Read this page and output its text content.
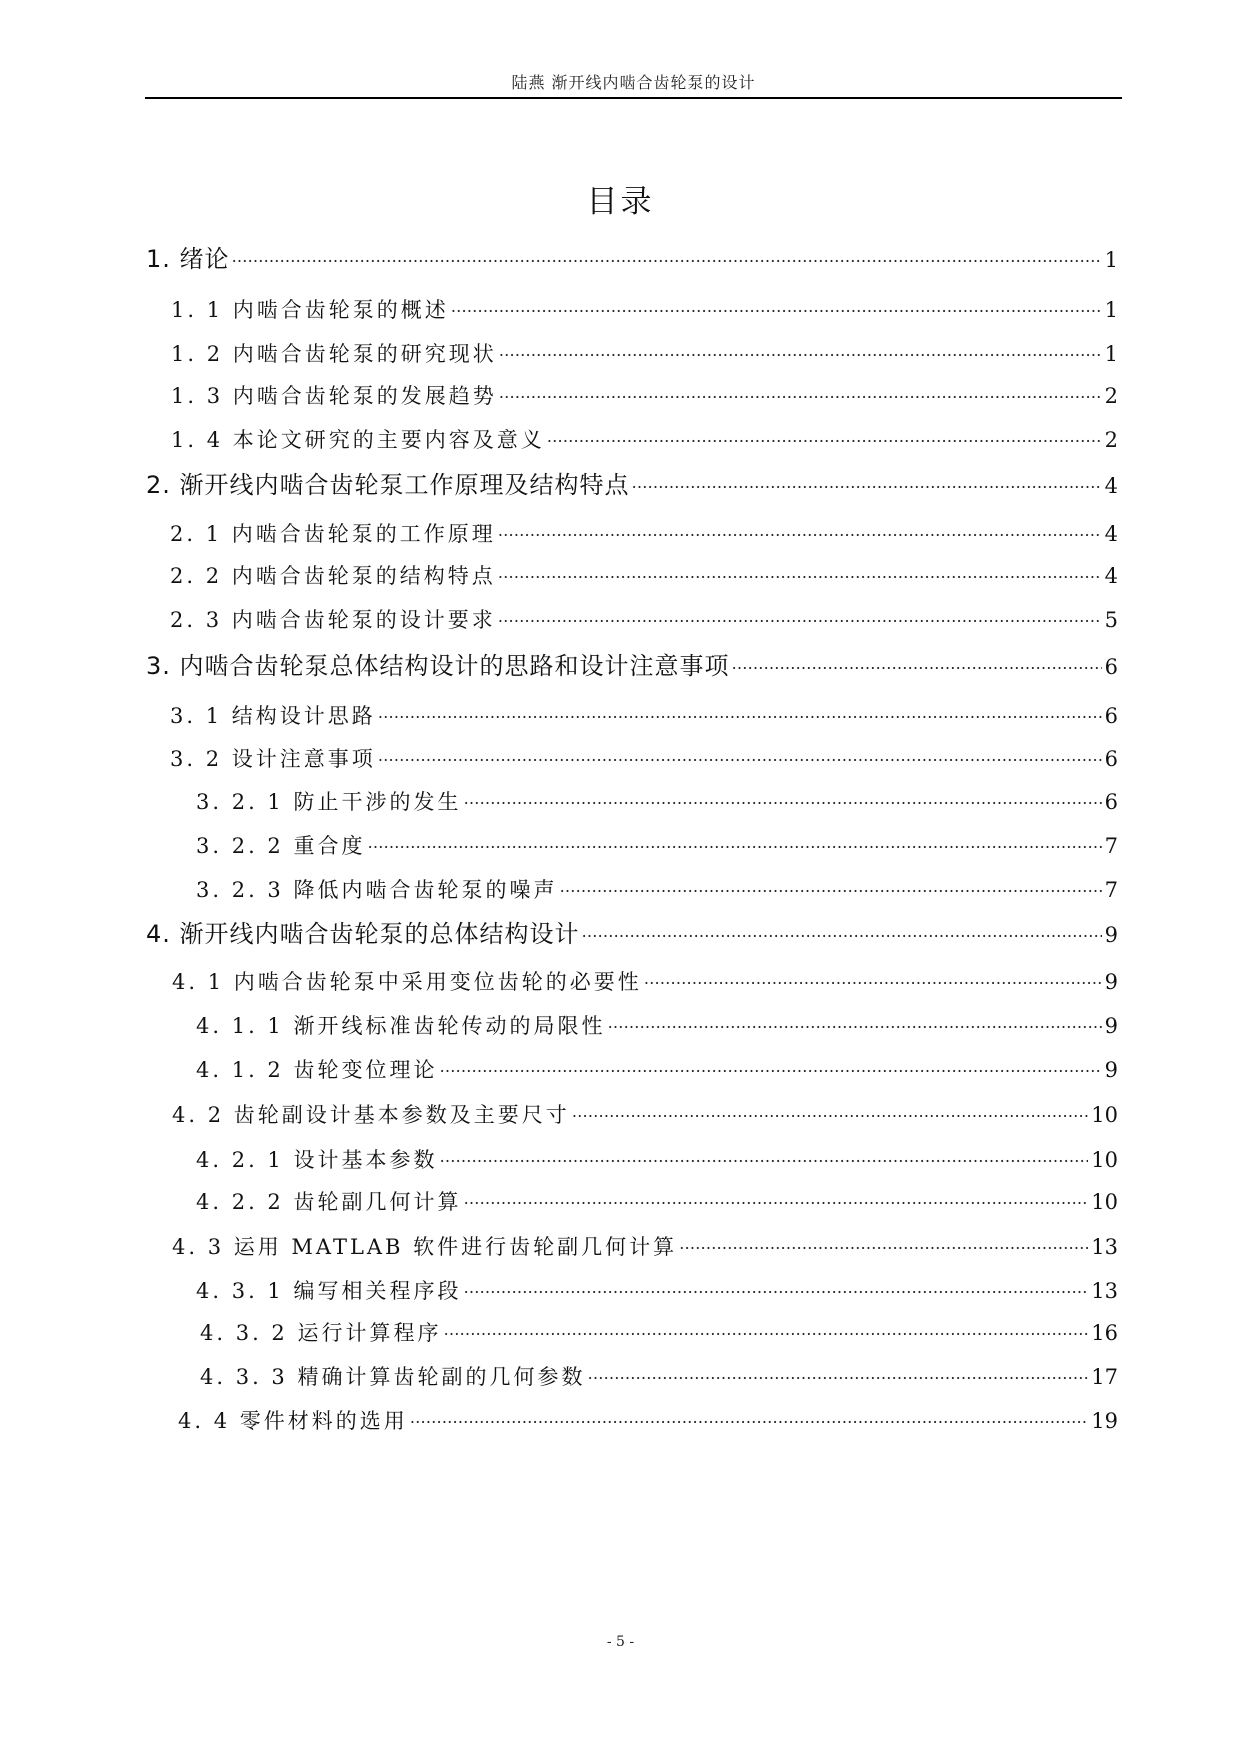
陆燕 渐开线内啮合齿轮泵的设计
目录
1. 绪论 ……………………………………………………………………………………………………………………………………………………………………………………………………………………………………………………………………	1
1. 1 内啮合齿轮泵的概述 ……………………………………………………………………………………………………………………………………………………………………………………………………………………………………………………………………	1
1. 2 内啮合齿轮泵的研究现状 ……………………………………………………………………………………………………………………………………………………………………………………………………………………………………………………………………	1
1. 3 内啮合齿轮泵的发展趋势 ……………………………………………………………………………………………………………………………………………………………………………………………………………………………………………………………………	2
1. 4 本论文研究的主要内容及意义 ……………………………………………………………………………………………………………………………………………………………………………………………………………………………………………………………………	2
2. 渐开线内啮合齿轮泵工作原理及结构特点 ……………………………………………………………………………………………………………………………………………………………………………………………………………………………………………………………………	4
2. 1 内啮合齿轮泵的工作原理 ……………………………………………………………………………………………………………………………………………………………………………………………………………………………………………………………………	4
2. 2 内啮合齿轮泵的结构特点 ……………………………………………………………………………………………………………………………………………………………………………………………………………………………………………………………………	4
2. 3 内啮合齿轮泵的设计要求 ……………………………………………………………………………………………………………………………………………………………………………………………………………………………………………………………………	5
3. 内啮合齿轮泵总体结构设计的思路和设计注意事项 ……………………………………………………………………………………………………………………………………………………………………………………………………………………………………………………………………	6
3. 1 结构设计思路 ……………………………………………………………………………………………………………………………………………………………………………………………………………………………………………………………………	6
3. 2 设计注意事项 ……………………………………………………………………………………………………………………………………………………………………………………………………………………………………………………………………	6
3. 2. 1 防止干涉的发生 ……………………………………………………………………………………………………………………………………………………………………………………………………………………………………………………………………	6
3. 2. 2 重合度 ……………………………………………………………………………………………………………………………………………………………………………………………………………………………………………………………………	7
3. 2. 3 降低内啮合齿轮泵的噪声 ……………………………………………………………………………………………………………………………………………………………………………………………………………………………………………………………………	7
4. 渐开线内啮合齿轮泵的总体结构设计 ……………………………………………………………………………………………………………………………………………………………………………………………………………………………………………………………………	9
4. 1 内啮合齿轮泵中采用变位齿轮的必要性 ……………………………………………………………………………………………………………………………………………………………………………………………………………………………………………………………………	9
4. 1. 1 渐开线标准齿轮传动的局限性 ……………………………………………………………………………………………………………………………………………………………………………………………………………………………………………………………………	9
4. 1. 2 齿轮变位理论 ……………………………………………………………………………………………………………………………………………………………………………………………………………………………………………………………………	9
4. 2 齿轮副设计基本参数及主要尺寸 ……………………………………………………………………………………………………………………………………………………………………………………………………………………………………………………………………	10
4. 2. 1 设计基本参数 ……………………………………………………………………………………………………………………………………………………………………………………………………………………………………………………………………	10
4. 2. 2 齿轮副几何计算 ……………………………………………………………………………………………………………………………………………………………………………………………………………………………………………………………………	10
4. 3 运用 MATLAB 软件进行齿轮副几何计算 ……………………………………………………………………………………………………………………………………………………………………………………………………………………………………………………………………	13
4. 3. 1 编写相关程序段 ……………………………………………………………………………………………………………………………………………………………………………………………………………………………………………………………………	13
4. 3. 2 运行计算程序 ……………………………………………………………………………………………………………………………………………………………………………………………………………………………………………………………………	16
4. 3. 3 精确计算齿轮副的几何参数 ……………………………………………………………………………………………………………………………………………………………………………………………………………………………………………………………………	17
4. 4 零件材料的选用 ……………………………………………………………………………………………………………………………………………………………………………………………………………………………………………………………………	19
- 5 -
